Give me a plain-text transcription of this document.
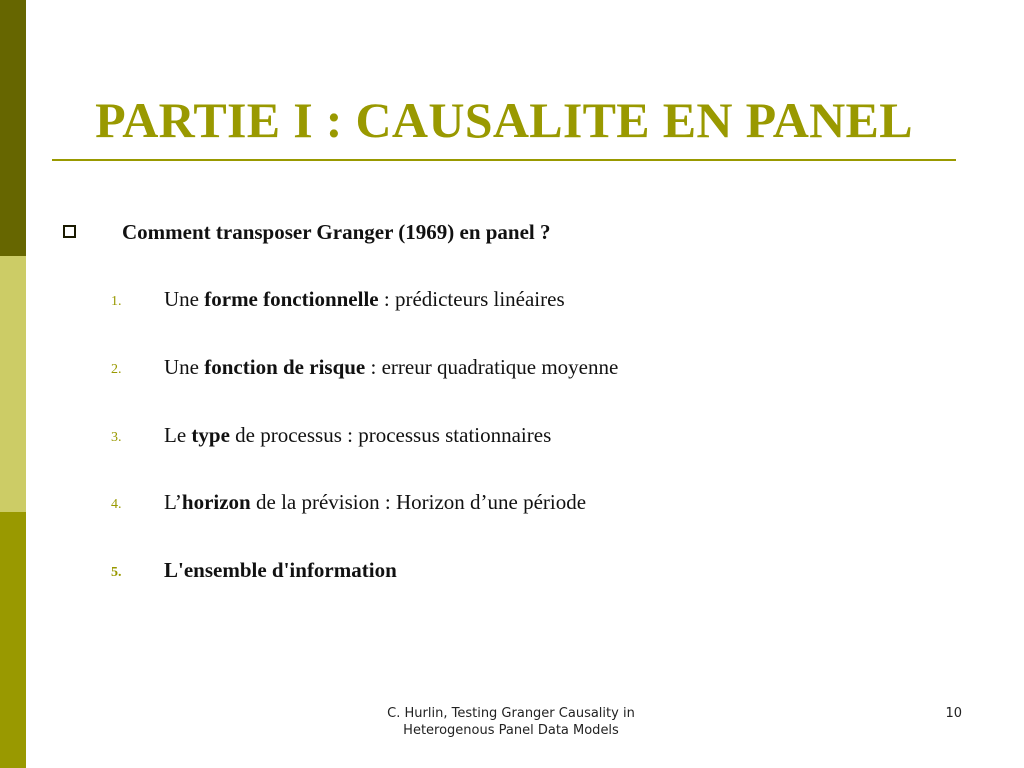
PARTIE I : CAUSALITE EN PANEL
Comment transposer Granger (1969) en panel ?
1. Une forme fonctionnelle : prédicteurs linéaires
2. Une fonction de risque : erreur quadratique moyenne
3. Le type de processus : processus stationnaires
4. L’horizon de la prévision : Horizon d’une période
5. L'ensemble d'information
C. Hurlin, Testing Granger Causality in
Heterogenous Panel Data Models
10
